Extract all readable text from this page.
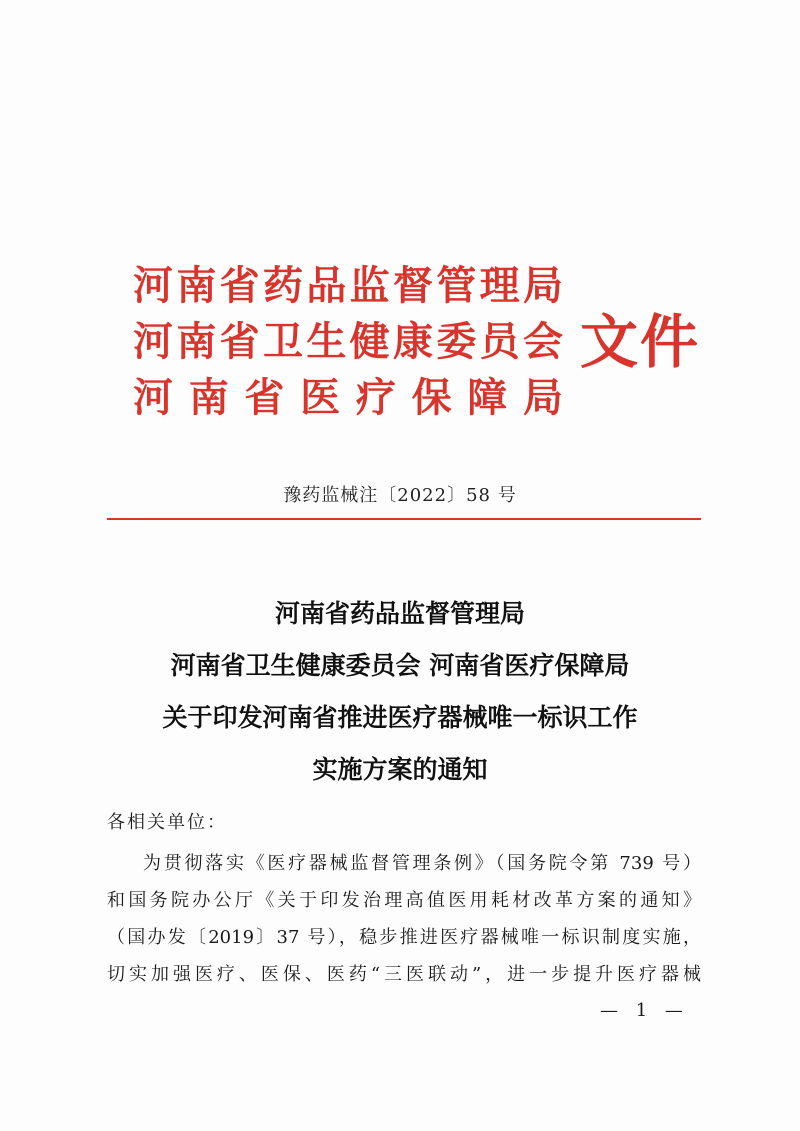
河南省药品监督管理局
河南省卫生健康委员会
河南省医疗保障局
文件
豫药监械注〔2022〕58 号
河南省药品监督管理局
河南省卫生健康委员会 河南省医疗保障局
关于印发河南省推进医疗器械唯一标识工作
实施方案的通知
各相关单位：
为贯彻落实《医疗器械监督管理条例》（国务院令第 739 号）
和国务院办公厅《关于印发治理高值医用耗材改革方案的通知》
（国办发〔2019〕37 号），稳步推进医疗器械唯一标识制度实施，
切实加强医疗、医保、医药“三医联动”，进一步提升医疗器械
— 1 —
